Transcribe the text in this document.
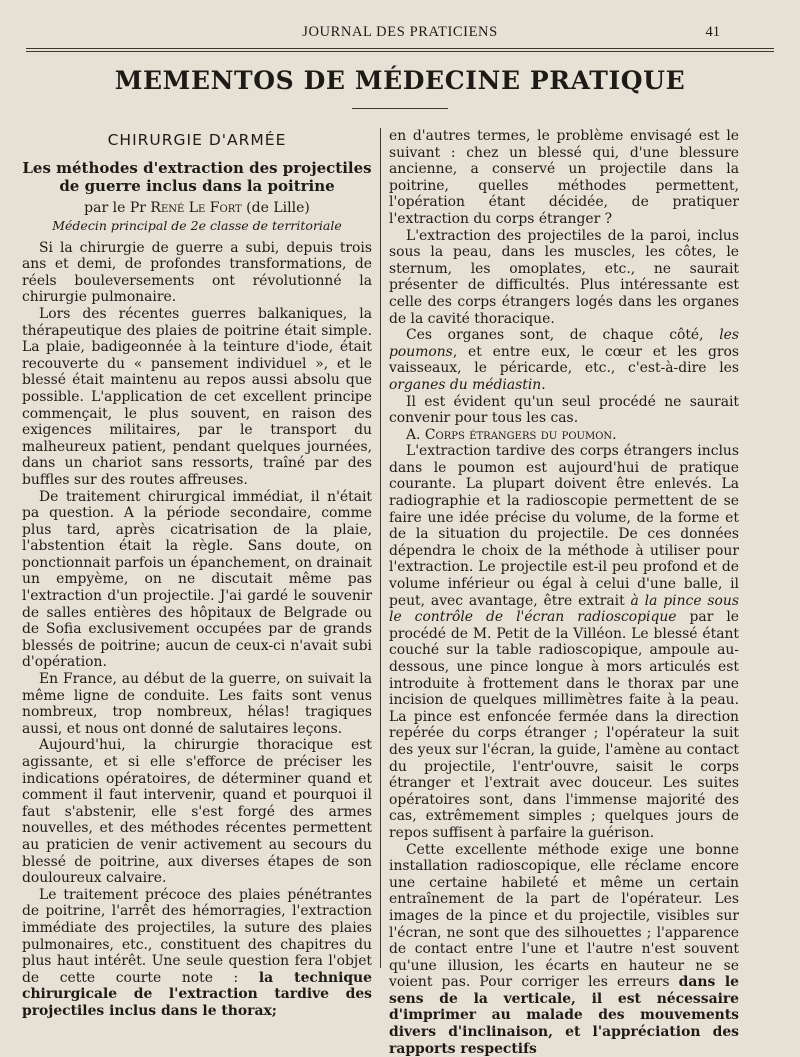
JOURNAL DES PRATICIENS	41
MEMENTOS DE MÉDECINE PRATIQUE
CHIRURGIE D'ARMÉE
Les méthodes d'extraction des projectiles de guerre inclus dans la poitrine
par le Pr René Le Fort (de Lille)
Médecin principal de 2e classe de territoriale

Si la chirurgie de guerre a subi, depuis trois ans et demi, de profondes transformations, de réels bouleversements ont révolutionné la chirurgie pulmonaire.

Lors des récentes guerres balkaniques, la thérapeutique des plaies de poitrine était simple. La plaie, badigeonnée à la teinture d'iode, était recouverte du « pansement individuel », et le blessé était maintenu au repos aussi absolu que possible. L'application de cet excellent principe commençait, le plus souvent, en raison des exigences militaires, par le transport du malheureux patient, pendant quelques journées, dans un chariot sans ressorts, traîné par des buffles sur des routes affreuses.

De traitement chirurgical immédiat, il n'était pa question. A la période secondaire, comme plus tard, après cicatrisation de la plaie, l'abstention était la règle. Sans doute, on ponctionnait parfois un épanchement, on drainait un empyème, on ne discutait même pas l'extraction d'un projectile. J'ai gardé le souvenir de salles entières des hôpitaux de Belgrade ou de Sofia exclusivement occupées par de grands blessés de poitrine; aucun de ceux-ci n'avait subi d'opération.

En France, au début de la guerre, on suivait la même ligne de conduite. Les faits sont venus nombreux, trop nombreux, hélas! tragiques aussi, et nous ont donné de salutaires leçons.

Aujourd'hui, la chirurgie thoracique est agissante, et si elle s'efforce de préciser les indications opératoires, de déterminer quand et comment il faut intervenir, quand et pourquoi il faut s'abstenir, elle s'est forgé des armes nouvelles, et des méthodes récentes permettent au praticien de venir activement au secours du blessé de poitrine, aux diverses étapes de son douloureux calvaire.

Le traitement précoce des plaies pénétrantes de poitrine, l'arrêt des hémorragies, l'extraction immédiate des projectiles, la suture des plaies pulmonaires, etc., constituent des chapitres du plus haut intérêt. Une seule question fera l'objet de cette courte note : la technique chirurgicale de l'extraction tardive des projectiles inclus dans le thorax;

en d'autres termes, le problème envisagé est le suivant : chez un blessé qui, d'une blessure ancienne, a conservé un projectile dans la poitrine, quelles méthodes permettent, l'opération étant décidée, de pratiquer l'extraction du corps étranger ?

L'extraction des projectiles de la paroi, inclus sous la peau, dans les muscles, les côtes, le sternum, les omoplates, etc., ne saurait présenter de difficultés. Plus intéressante est celle des corps étrangers logés dans les organes de la cavité thoracique.

Ces organes sont, de chaque côté, les poumons, et entre eux, le cœur et les gros vaisseaux, le péricarde, etc., c'est-à-dire les organes du médiastin.

Il est évident qu'un seul procédé ne saurait convenir pour tous les cas.

A. Corps étrangers du poumon.

L'extraction tardive des corps étrangers inclus dans le poumon est aujourd'hui de pratique courante. La plupart doivent être enlevés. La radiographie et la radioscopie permettent de se faire une idée précise du volume, de la forme et de la situation du projectile. De ces données dépendra le choix de la méthode à utiliser pour l'extraction. Le projectile est-il peu profond et de volume inférieur ou égal à celui d'une balle, il peut, avec avantage, être extrait à la pince sous le contrôle de l'écran radioscopique par le procédé de M. Petit de la Villéon. Le blessé étant couché sur la table radioscopique, ampoule au-dessous, une pince longue à mors articulés est introduite à frottement dans le thorax par une incision de quelques millimètres faite à la peau. La pince est enfoncée fermée dans la direction repérée du corps étranger ; l'opérateur la suit des yeux sur l'écran, la guide, l'amène au contact du projectile, l'entr'ouvre, saisit le corps étranger et l'extrait avec douceur. Les suites opératoires sont, dans l'immense majorité des cas, extrêmement simples ; quelques jours de repos suffisent à parfaire la guérison.

Cette excellente méthode exige une bonne installation radioscopique, elle réclame encore une certaine habileté et même un certain entraînement de la part de l'opérateur. Les images de la pince et du projectile, visibles sur l'écran, ne sont que des silhouettes ; l'apparence de contact entre l'une et l'autre n'est souvent qu'une illusion, les écarts en hauteur ne se voient pas. Pour corriger les erreurs dans le sens de la verticale, il est nécessaire d'imprimer au malade des mouvements divers d'inclinaison, et l'appréciation des rapports respectifs
